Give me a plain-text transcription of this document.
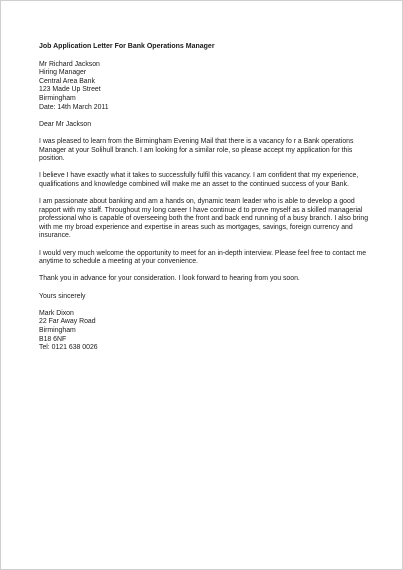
Job Application Letter For Bank Operations Manager
Mr Richard Jackson
Hiring Manager
Central Area Bank
123 Made Up Street
Birmingham
Date: 14th March 2011
Dear Mr Jackson
I was pleased to learn from the Birmingham Evening Mail that there is a vacancy fo r a Bank operations
Manager at your Solihull branch. I am looking for a similar role, so please accept my application for this
position.
I believe I have exactly what it takes to successfully fulfil this vacancy. I am confident that my experience,
qualifications and knowledge combined will make me an asset to the continued success of your Bank.
I am passionate about banking and am a hands on, dynamic team leader who is able to develop a good
rapport with my staff. Throughout my long career I have continue d to prove myself as a skilled managerial
professional who is capable of overseeing both the front and back end running of a busy branch. I also bring
with me my broad experience and expertise in areas such as mortgages, savings, foreign currency and
insurance.
I would very much welcome the opportunity to meet for an in-depth interview. Please feel free to contact me
anytime to schedule a meeting at your convenience.
Thank you in advance for your consideration. I look forward to hearing from you soon.
Yours sincerely
Mark Dixon
22 Far Away Road
Birmingham
B18 6NF
Tel: 0121 638 0026
